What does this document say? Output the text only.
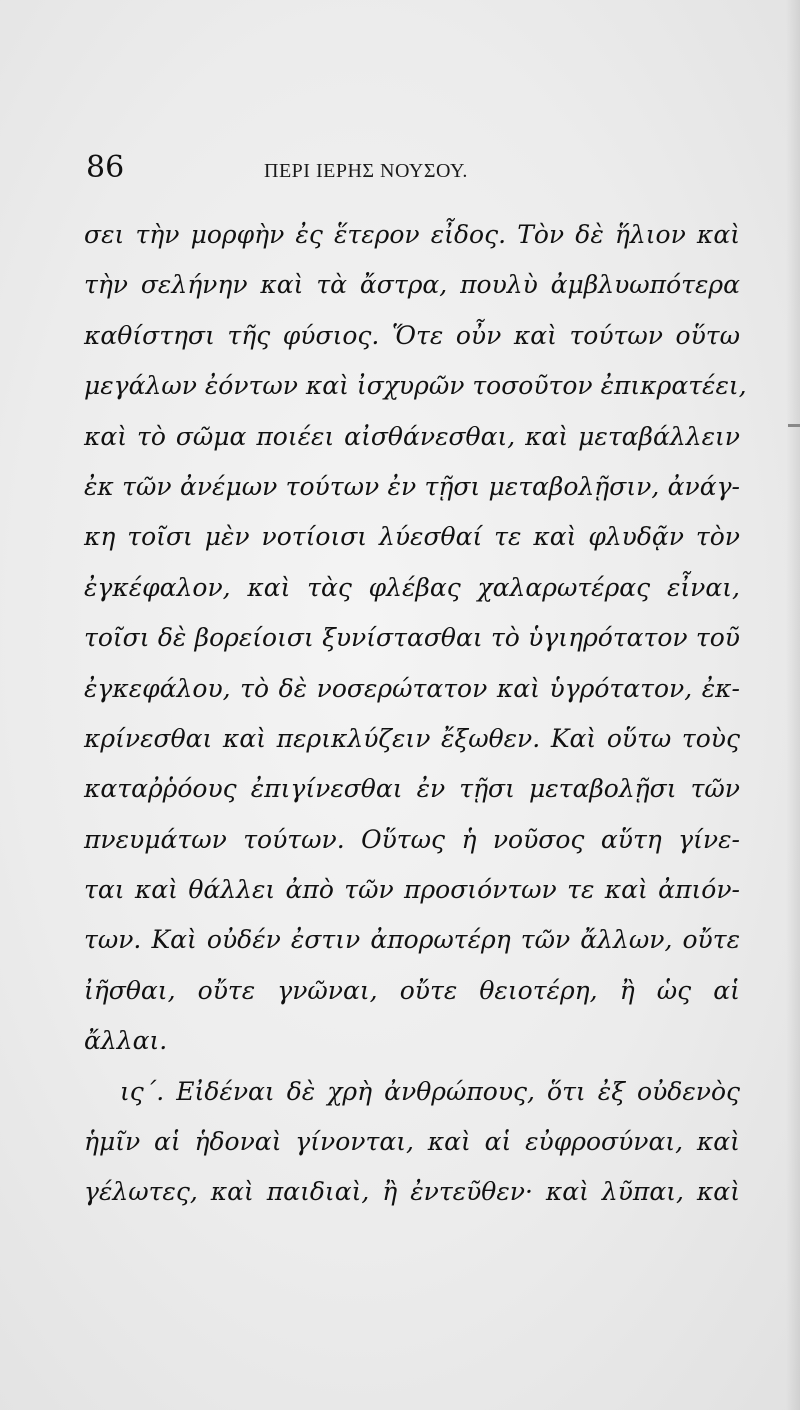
86	ΠΕΡΙ ΙΕΡΗΣ ΝΟΥΣΟΥ.
σει τὴν μορφὴν ἐς ἕτερον εἶδος. Τὸν δὲ ἥλιον καὶ
τὴν σελήνην καὶ τὰ ἄστρα, πουλὺ ἀμβλυωπότερα
καθίστησι τῆς φύσιος. Ὅτε οὖν καὶ τούτων οὕτω
μεγάλων ἐόντων καὶ ἰσχυρῶν τοσοῦτον ἐπικρατέει,
καὶ τὸ σῶμα ποιέει αἰσθάνεσθαι, καὶ μεταβάλλειν
ἐκ τῶν ἀνέμων τούτων ἐν τῇσι μεταβολῇσιν, ἀνάγ-
κη τοῖσι μὲν νοτίοισι λύεσθαί τε καὶ φλυδᾷν τὸν
ἐγκέφαλον, καὶ τὰς φλέβας χαλαρωτέρας εἶναι,
τοῖσι δὲ βορείοισι ξυνίστασθαι τὸ ὑγιηρότατον τοῦ
ἐγκεφάλου, τὸ δὲ νοσερώτατον καὶ ὑγρότατον, ἐκ-
κρίνεσθαι καὶ περικλύζειν ἔξωθεν. Καὶ οὕτω τοὺς
καταῤῥόους ἐπιγίνεσθαι ἐν τῇσι μεταβολῇσι τῶν
πνευμάτων τούτων. Οὕτως ἡ νοῦσος αὕτη γίνε-
ται καὶ θάλλει ἀπὸ τῶν προσιόντων τε καὶ ἀπιόν-
των. Καὶ οὐδέν ἐστιν ἀπορωτέρη τῶν ἄλλων, οὔτε
ἰῆσθαι, οὔτε γνῶναι, οὔτε θειοτέρη, ἢ ὡς αἱ
ἄλλαι.
ις΄. Εἰδέναι δὲ χρὴ ἀνθρώπους, ὅτι ἐξ οὐδενὸς
ἡμῖν αἱ ἡδοναὶ γίνονται, καὶ αἱ εὐφροσύναι, καὶ
γέλωτες, καὶ παιδιαὶ, ἢ ἐντεῦθεν· καὶ λῦπαι, καὶ
